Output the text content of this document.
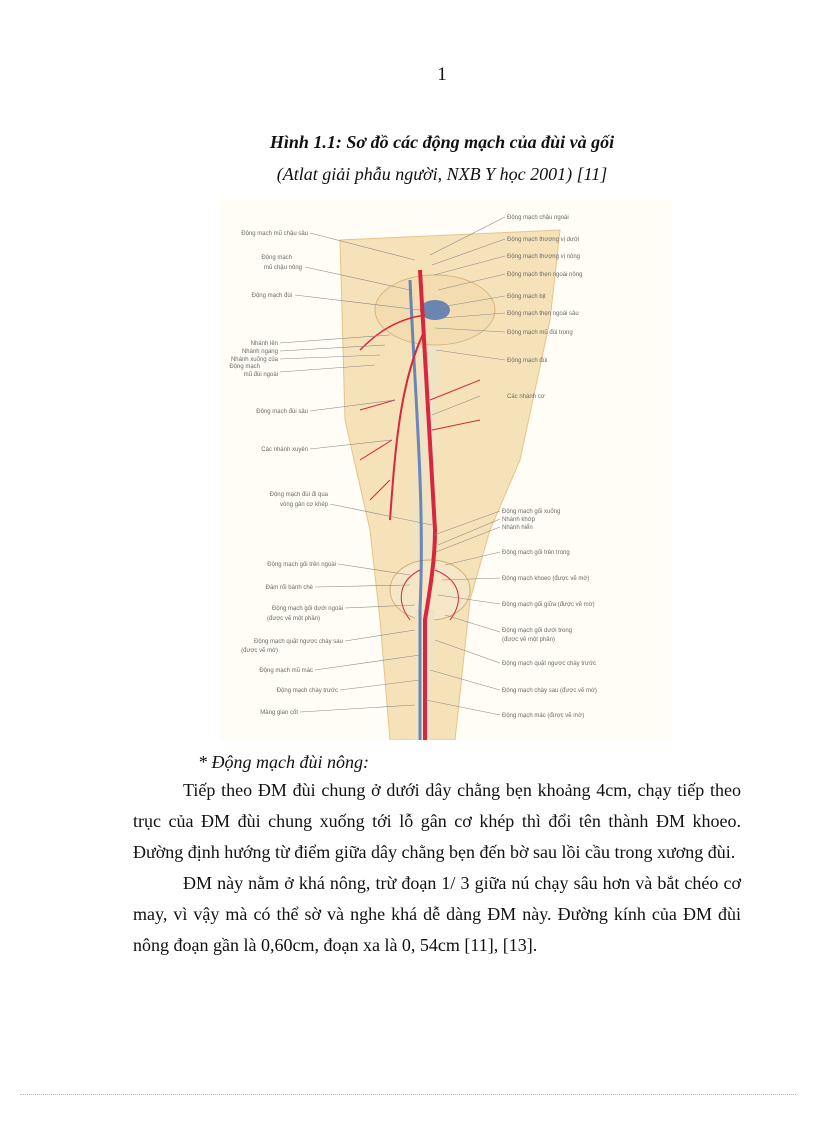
1
Hình 1.1: Sơ đồ các động mạch của đùi và gối
(Atlat giải phẫu người, NXB Y học 2001) [11]
Động mạch mũ chậu sâu
Động mạch
mũ chậu nông
Động mạch đùi
Nhánh lên
Nhánh ngang
Nhánh xuống của
Động mạch
mũ đùi ngoài
Động mạch đùi sâu
Các nhánh xuyên
Động mạch đùi đi qua
vòng gân cơ khép
Động mạch gối trên ngoài
Đám rối bánh chè
Động mạch gối dưới ngoài
(được vẽ một phần)
Động mạch quặt ngược chày sau
(được vẽ mờ)
Động mạch mũ mác
Động mạch chày trước
Màng gian cốt
Động mạch chậu ngoài
Động mạch thượng vị dưới
Động mạch thượng vị nông
Động mạch thẹn ngoài nông
Động mạch bịt
Động mạch thẹn ngoài sâu
Động mạch mũ đùi trong
Động mạch đùi
Các nhánh cơ
Động mạch gối xuống
Nhánh khớp
Nhánh hiển
Động mạch gối trên trong
Động mạch khoeo (được vẽ mờ)
Động mạch gối giữa (được vẽ mờ)
Động mạch gối dưới trong
(được vẽ một phần)
Động mạch quặt ngược chày trước
Động mạch chày sau (được vẽ mờ)
Động mạch mác (được vẽ mờ)
* Động mạch đùi nông:

Tiếp theo ĐM đùi chung ở dưới dây chằng bẹn khoảng 4cm, chạy tiếp theo trục của ĐM đùi chung xuống tới lỗ gân cơ khép thì đổi tên thành ĐM khoeo. Đường định hướng từ điểm giữa dây chằng bẹn đến bờ sau lồi cầu trong xương đùi.

ĐM này nằm ở khá nông, trừ đoạn 1/ 3 giữa nú chạy sâu hơn và bắt chéo cơ may, vì vậy mà có thể sờ và nghe khá dễ dàng ĐM này. Đường kính của ĐM đùi nông đoạn gần là 0,60cm, đoạn xa là 0, 54cm [11], [13].
